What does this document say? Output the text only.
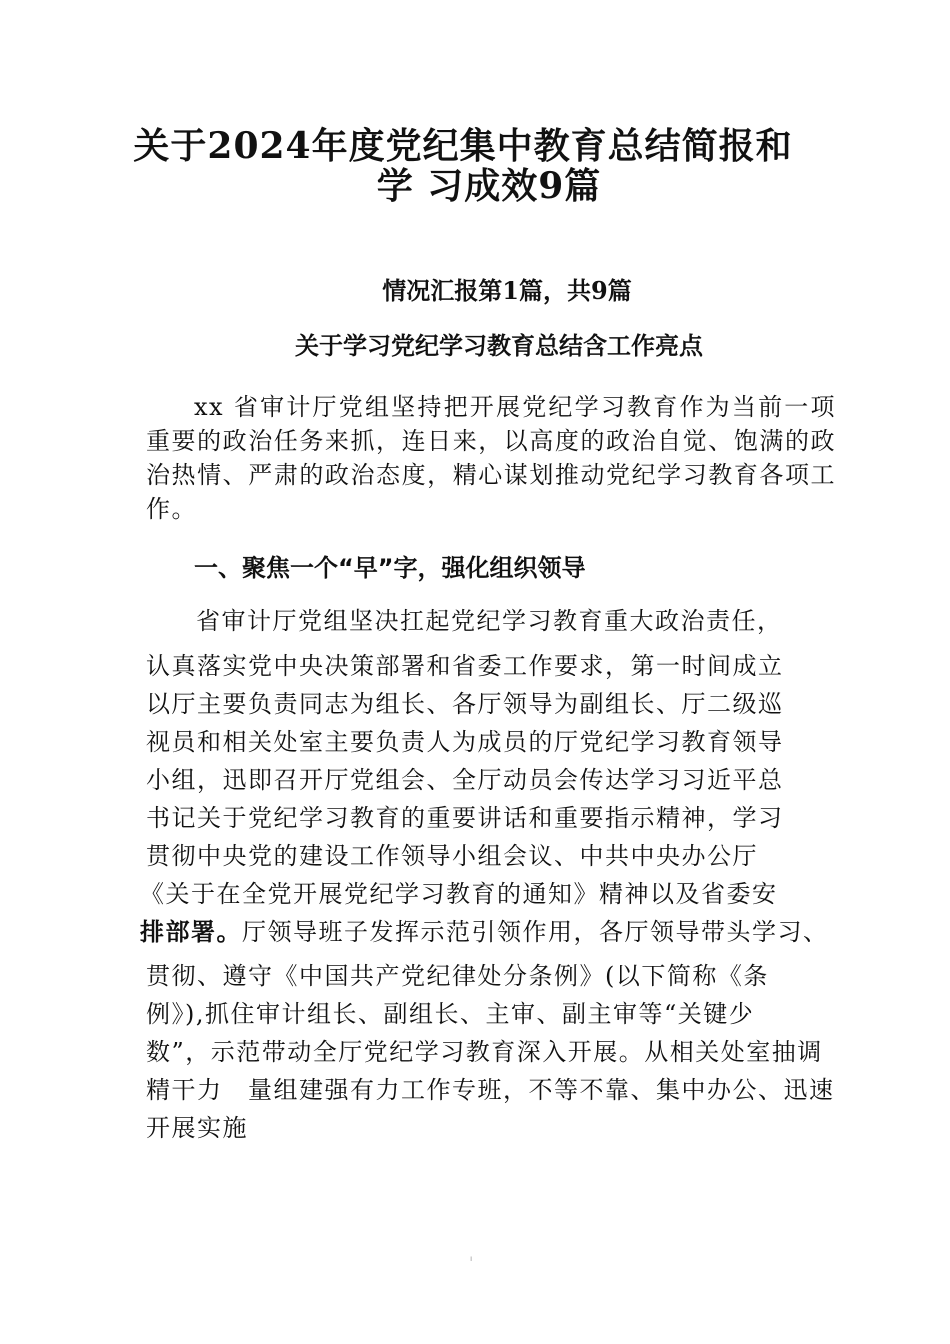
关于2024年度党纪集中教育总结简报和
学 习成效9篇
情况汇报第1篇，共9篇
关于学习党纪学习教育总结含工作亮点

xx 省审计厅党组坚持把开展党纪学习教育作为当前一项重要的政治任务来抓，连日来，以高度的政治自觉、饱满的政治热情、严肃的政治态度，精心谋划推动党纪学习教育各项工作。

一、聚焦一个“早”字，强化组织领导
省审计厅党组坚决扛起党纪学习教育重大政治责任，
认真落实党中央决策部署和省委工作要求，第一时间成立
以厅主要负责同志为组长、各厅领导为副组长、厅二级巡
视员和相关处室主要负责人为成员的厅党纪学习教育领导
小组，迅即召开厅党组会、全厅动员会传达学习习近平总
书记关于党纪学习教育的重要讲话和重要指示精神，学习
贯彻中央党的建设工作领导小组会议、中共中央办公厅
《关于在全党开展党纪学习教育的通知》精神以及省委安
排部署。厅领导班子发挥示范引领作用，各厅领导带头学习、
贯彻、遵守《中国共产党纪律处分条例》(以下简称《条
例》),抓住审计组长、副组长、主审、副主审等“关键少
数”，示范带动全厅党纪学习教育深入开展。从相关处室抽调
精干力　量组建强有力工作专班，不等不靠、集中办公、迅速
开展实施
ı
